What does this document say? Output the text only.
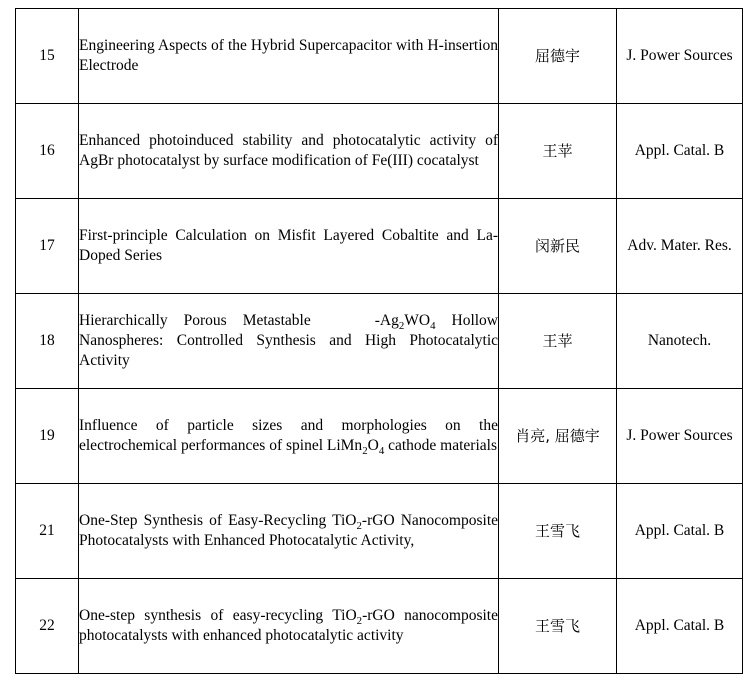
15	Engineering Aspects of the Hybrid Supercapacitor with H-insertion Electrode	屈德宇	J. Power Sources
16	Enhanced photoinduced stability and photocatalytic activity of AgBr photocatalyst by surface modification of Fe(III) cocatalyst	王苹	Appl. Catal. B
17	First-principle Calculation on Misfit Layered Cobaltite and La-Doped Series	闵新民	Adv. Mater. Res.
18	Hierarchically Porous Metastable    $-Ag_2WO_4$ Hollow Nanospheres: Controlled Synthesis and High Photocatalytic Activity	王苹	Nanotech.
19	Influence of particle sizes and morphologies on the electrochemical performances of spinel $LiMn_2O_4$ cathode materials	肖亮, 屈德宇	J. Power Sources
21	One-Step Synthesis of Easy-Recycling TiO$_2$-rGO Nanocomposite Photocatalysts with Enhanced Photocatalytic Activity,	王雪飞	Appl. Catal. B
22	One-step synthesis of easy-recycling TiO$_2$-rGO nanocomposite photocatalysts with enhanced photocatalytic activity	王雪飞	Appl. Catal. B
